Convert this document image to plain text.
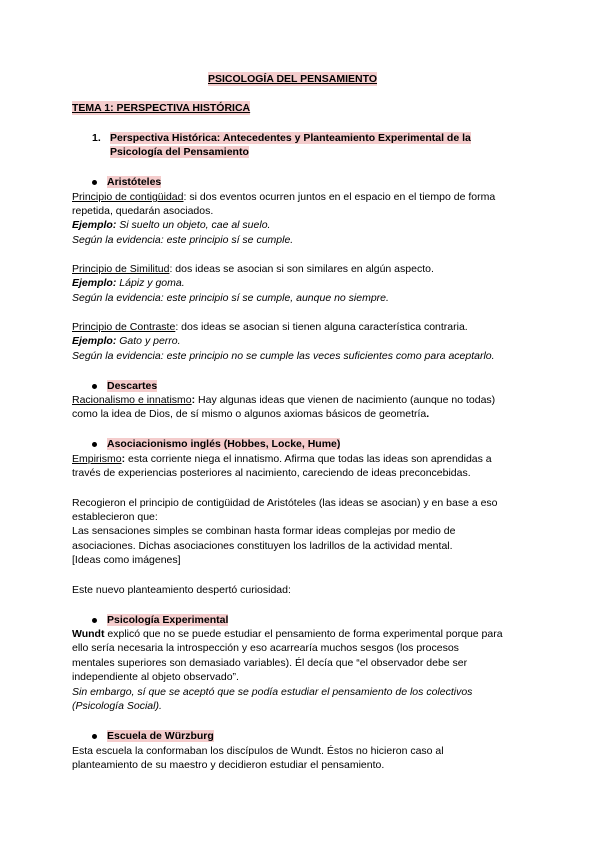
PSICOLOGÍA DEL PENSAMIENTO
TEMA 1: PERSPECTIVA HISTÓRICA
1. Perspectiva Histórica: Antecedentes y Planteamiento Experimental de la
Psicología del Pensamiento
Aristóteles
Principio de contigüidad: si dos eventos ocurren juntos en el espacio en el tiempo de forma
repetida, quedarán asociados.
Ejemplo: Si suelto un objeto, cae al suelo.
Según la evidencia: este principio sí se cumple.
Principio de Similitud: dos ideas se asocian si son similares en algún aspecto.
Ejemplo: Lápiz y goma.
Según la evidencia: este principio sí se cumple, aunque no siempre.
Principio de Contraste: dos ideas se asocian si tienen alguna característica contraria.
Ejemplo: Gato y perro.
Según la evidencia: este principio no se cumple las veces suficientes como para aceptarlo.
Descartes
Racionalismo e innatismo: Hay algunas ideas que vienen de nacimiento (aunque no todas)
como la idea de Dios, de sí mismo o algunos axiomas básicos de geometría.
Asociacionismo inglés (Hobbes, Locke, Hume)
Empirismo: esta corriente niega el innatismo. Afirma que todas las ideas son aprendidas a
través de experiencias posteriores al nacimiento, careciendo de ideas preconcebidas.
Recogieron el principio de contigüidad de Aristóteles (las ideas se asocian) y en base a eso
establecieron que:
Las sensaciones simples se combinan hasta formar ideas complejas por medio de
asociaciones. Dichas asociaciones constituyen los ladrillos de la actividad mental.
[Ideas como imágenes]
Este nuevo planteamiento despertó curiosidad:
Psicología Experimental
Wundt explicó que no se puede estudiar el pensamiento de forma experimental porque para
ello sería necesaria la introspección y eso acarrearía muchos sesgos (los procesos
mentales superiores son demasiado variables). Él decía que “el observador debe ser
independiente al objeto observado”.
Sin embargo, sí que se aceptó que se podía estudiar el pensamiento de los colectivos
(Psicología Social).
Escuela de Würzburg
Esta escuela la conformaban los discípulos de Wundt. Éstos no hicieron caso al
planteamiento de su maestro y decidieron estudiar el pensamiento.
